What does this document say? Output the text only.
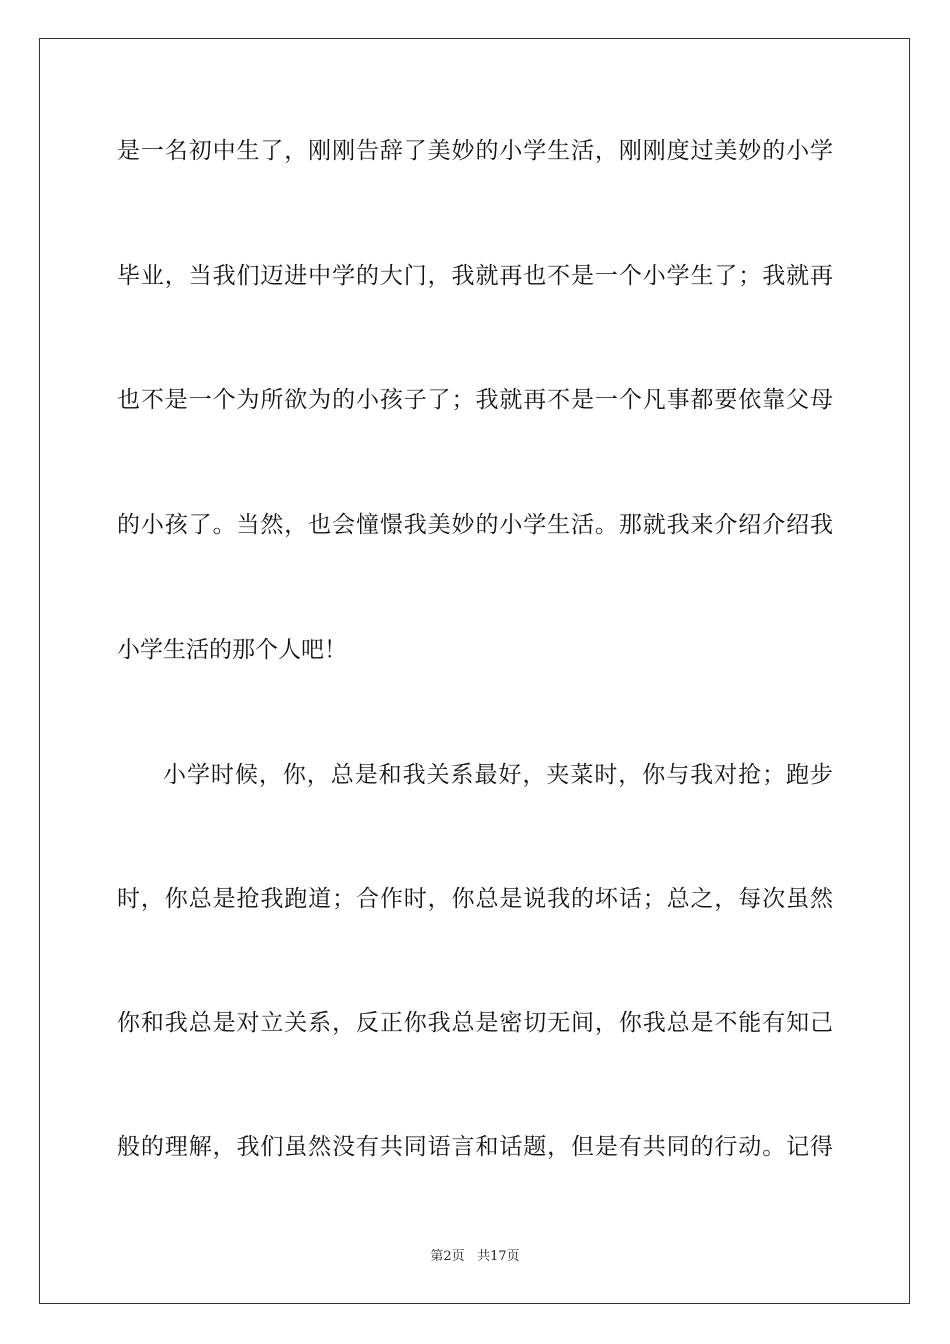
是一名初中生了，刚刚告辞了美妙的小学生活，刚刚度过美妙的小学
毕业，当我们迈进中学的大门，我就再也不是一个小学生了；我就再
也不是一个为所欲为的小孩子了；我就再不是一个凡事都要依靠父母
的小孩了。当然，也会憧憬我美妙的小学生活。那就我来介绍介绍我
小学生活的那个人吧！
小学时候，你，总是和我关系最好，夹菜时，你与我对抢；跑步
时，你总是抢我跑道；合作时，你总是说我的坏话；总之，每次虽然
你和我总是对立关系，反正你我总是密切无间，你我总是不能有知己
般的理解，我们虽然没有共同语言和话题，但是有共同的行动。记得
第2页 共17页
